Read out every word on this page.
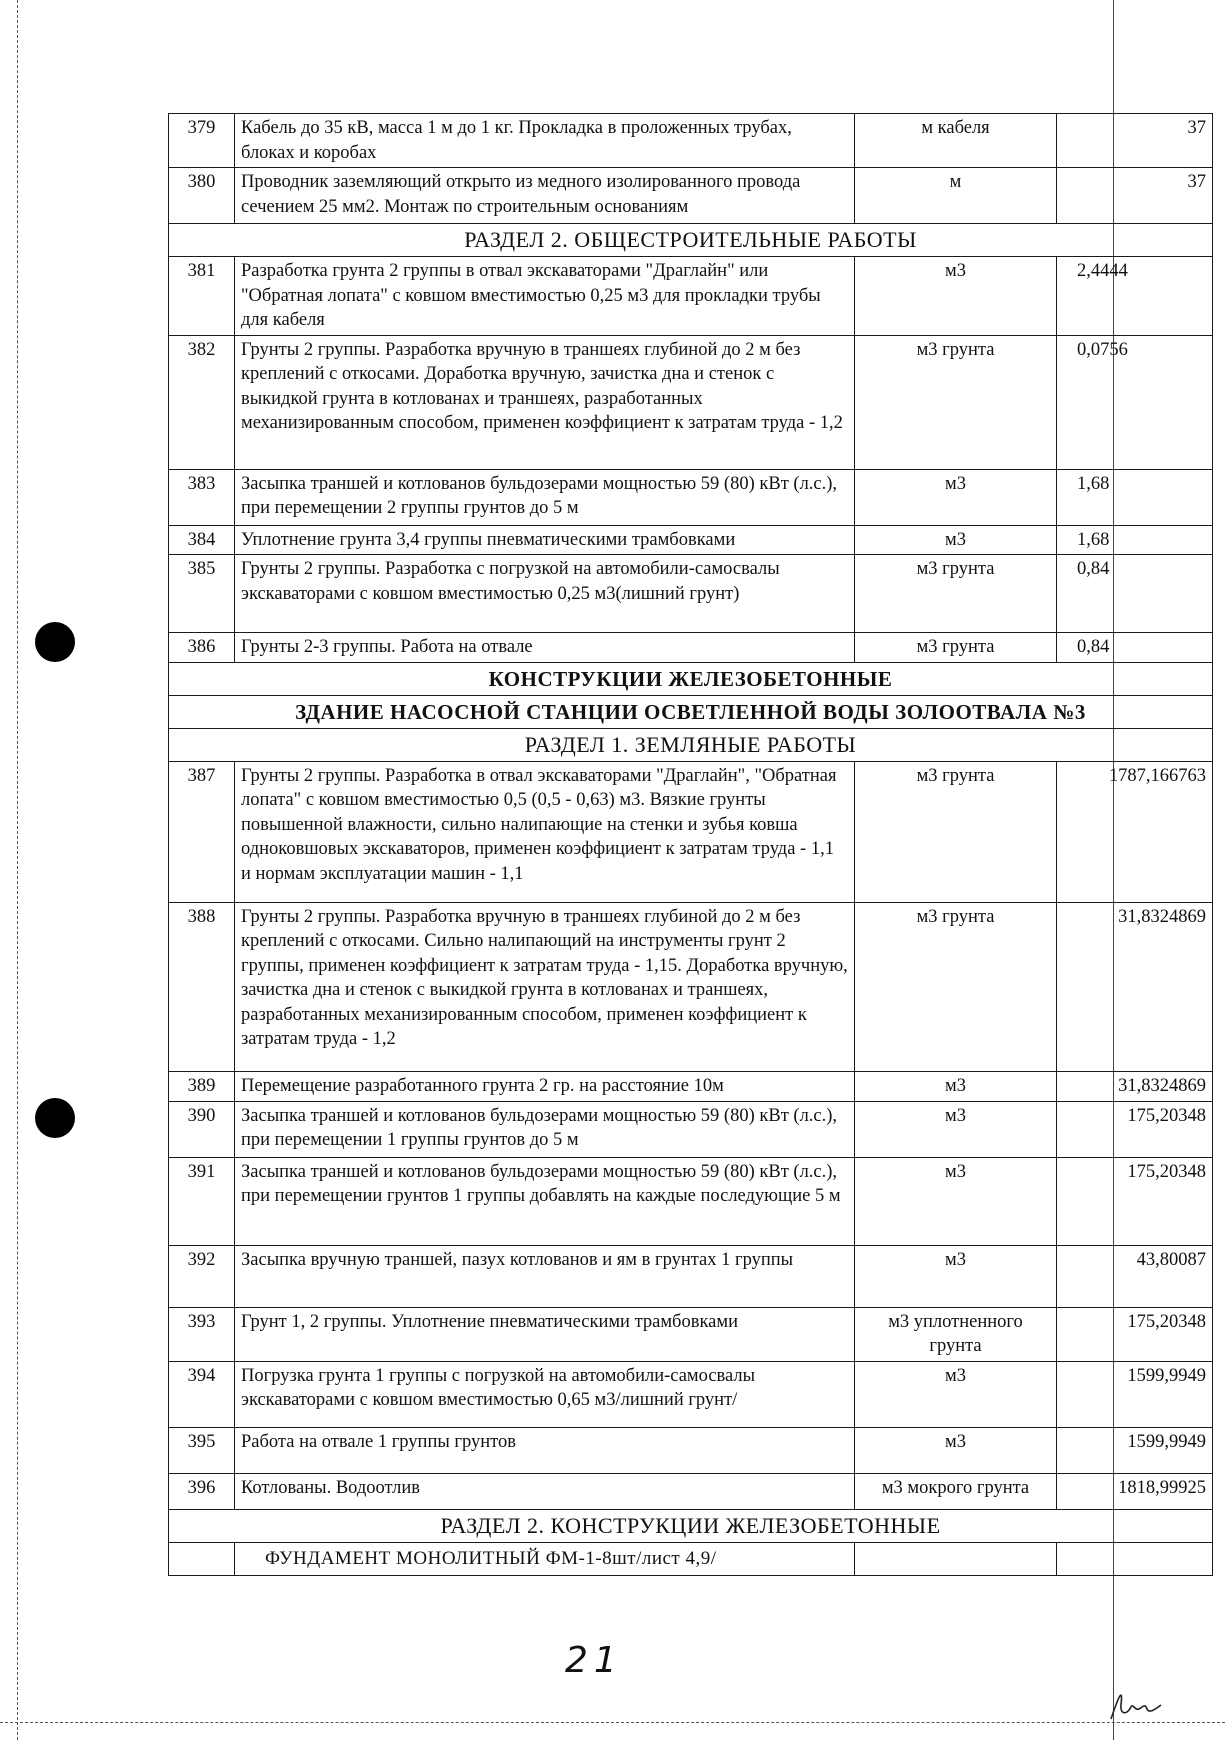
379	Кабель до 35 кВ, масса 1 м до 1 кг. Прокладка в проложенных трубах, блоках и коробах	м кабеля	37
380	Проводник заземляющий открыто из медного изолированного провода сечением 25 мм2. Монтаж по строительным основаниям	м	37
РАЗДЕЛ 2. ОБЩЕСТРОИТЕЛЬНЫЕ РАБОТЫ			
381	Разработка грунта 2 группы в отвал экскаваторами "Драглайн" или "Обратная лопата" с ковшом вместимостью 0,25 м3 для прокладки трубы для кабеля	м3	2,4444
382	Грунты 2 группы. Разработка вручную в траншеях глубиной до 2 м без креплений с откосами. Доработка вручную, зачистка дна и стенок с выкидкой грунта в котлованах и траншеях, разработанных механизированным способом, применен коэффициент к затратам труда - 1,2	м3 грунта	0,0756
383	Засыпка траншей и котлованов бульдозерами мощностью 59 (80) кВт (л.с.), при перемещении 2 группы грунтов до 5 м	м3	1,68
384	Уплотнение грунта 3,4 группы пневматическими трамбовками	м3	1,68
385	Грунты 2 группы. Разработка с погрузкой на автомобили-самосвалы экскаваторами с ковшом вместимостью 0,25 м3(лишний грунт)	м3 грунта	0,84
386	Грунты 2-3 группы. Работа на отвале	м3 грунта	0,84
КОНСТРУКЦИИ ЖЕЛЕЗОБЕТОННЫЕ			
ЗДАНИЕ НАСОСНОЙ СТАНЦИИ ОСВЕТЛЕННОЙ ВОДЫ ЗОЛООТВАЛА №3			
РАЗДЕЛ 1. ЗЕМЛЯНЫЕ РАБОТЫ			
387	Грунты 2 группы. Разработка в отвал экскаваторами "Драглайн", "Обратная лопата" с ковшом вместимостью 0,5 (0,5 - 0,63) м3. Вязкие грунты повышенной влажности, сильно налипающие на стенки и зубья ковша одноковшовых экскаваторов, применен коэффициент к затратам труда - 1,1 и нормам эксплуатации машин - 1,1	м3 грунта	1787,166763
388	Грунты 2 группы. Разработка вручную в траншеях глубиной до 2 м без креплений с откосами. Сильно налипающий на инструменты грунт 2 группы, применен коэффициент к затратам труда - 1,15. Доработка вручную, зачистка дна и стенок с выкидкой грунта в котлованах и траншеях, разработанных механизированным способом, применен коэффициент к затратам труда - 1,2	м3 грунта	31,8324869
389	Перемещение разработанного грунта 2 гр. на расстояние 10м	м3	31,8324869
390	Засыпка траншей и котлованов бульдозерами мощностью 59 (80) кВт (л.с.), при перемещении 1 группы грунтов до 5 м	м3	175,20348
391	Засыпка траншей и котлованов бульдозерами мощностью 59 (80) кВт (л.с.), при перемещении грунтов 1 группы добавлять на каждые последующие 5 м	м3	175,20348
392	Засыпка вручную траншей, пазух котлованов и ям в грунтах 1 группы	м3	43,80087
393	Грунт 1, 2 группы. Уплотнение пневматическими трамбовками	м3 уплотненного грунта	175,20348
394	Погрузка грунта 1 группы с погрузкой на автомобили-самосвалы экскаваторами с ковшом вместимостью 0,65 м3/лишний грунт/	м3	1599,9949
395	Работа на отвале 1 группы грунтов	м3	1599,9949
396	Котлованы. Водоотлив	м3 мокрого грунта	1818,99925
РАЗДЕЛ 2. КОНСТРУКЦИИ ЖЕЛЕЗОБЕТОННЫЕ			
	ФУНДАМЕНТ МОНОЛИТНЫЙ ФМ-1-8шт/лист 4,9/		
21
